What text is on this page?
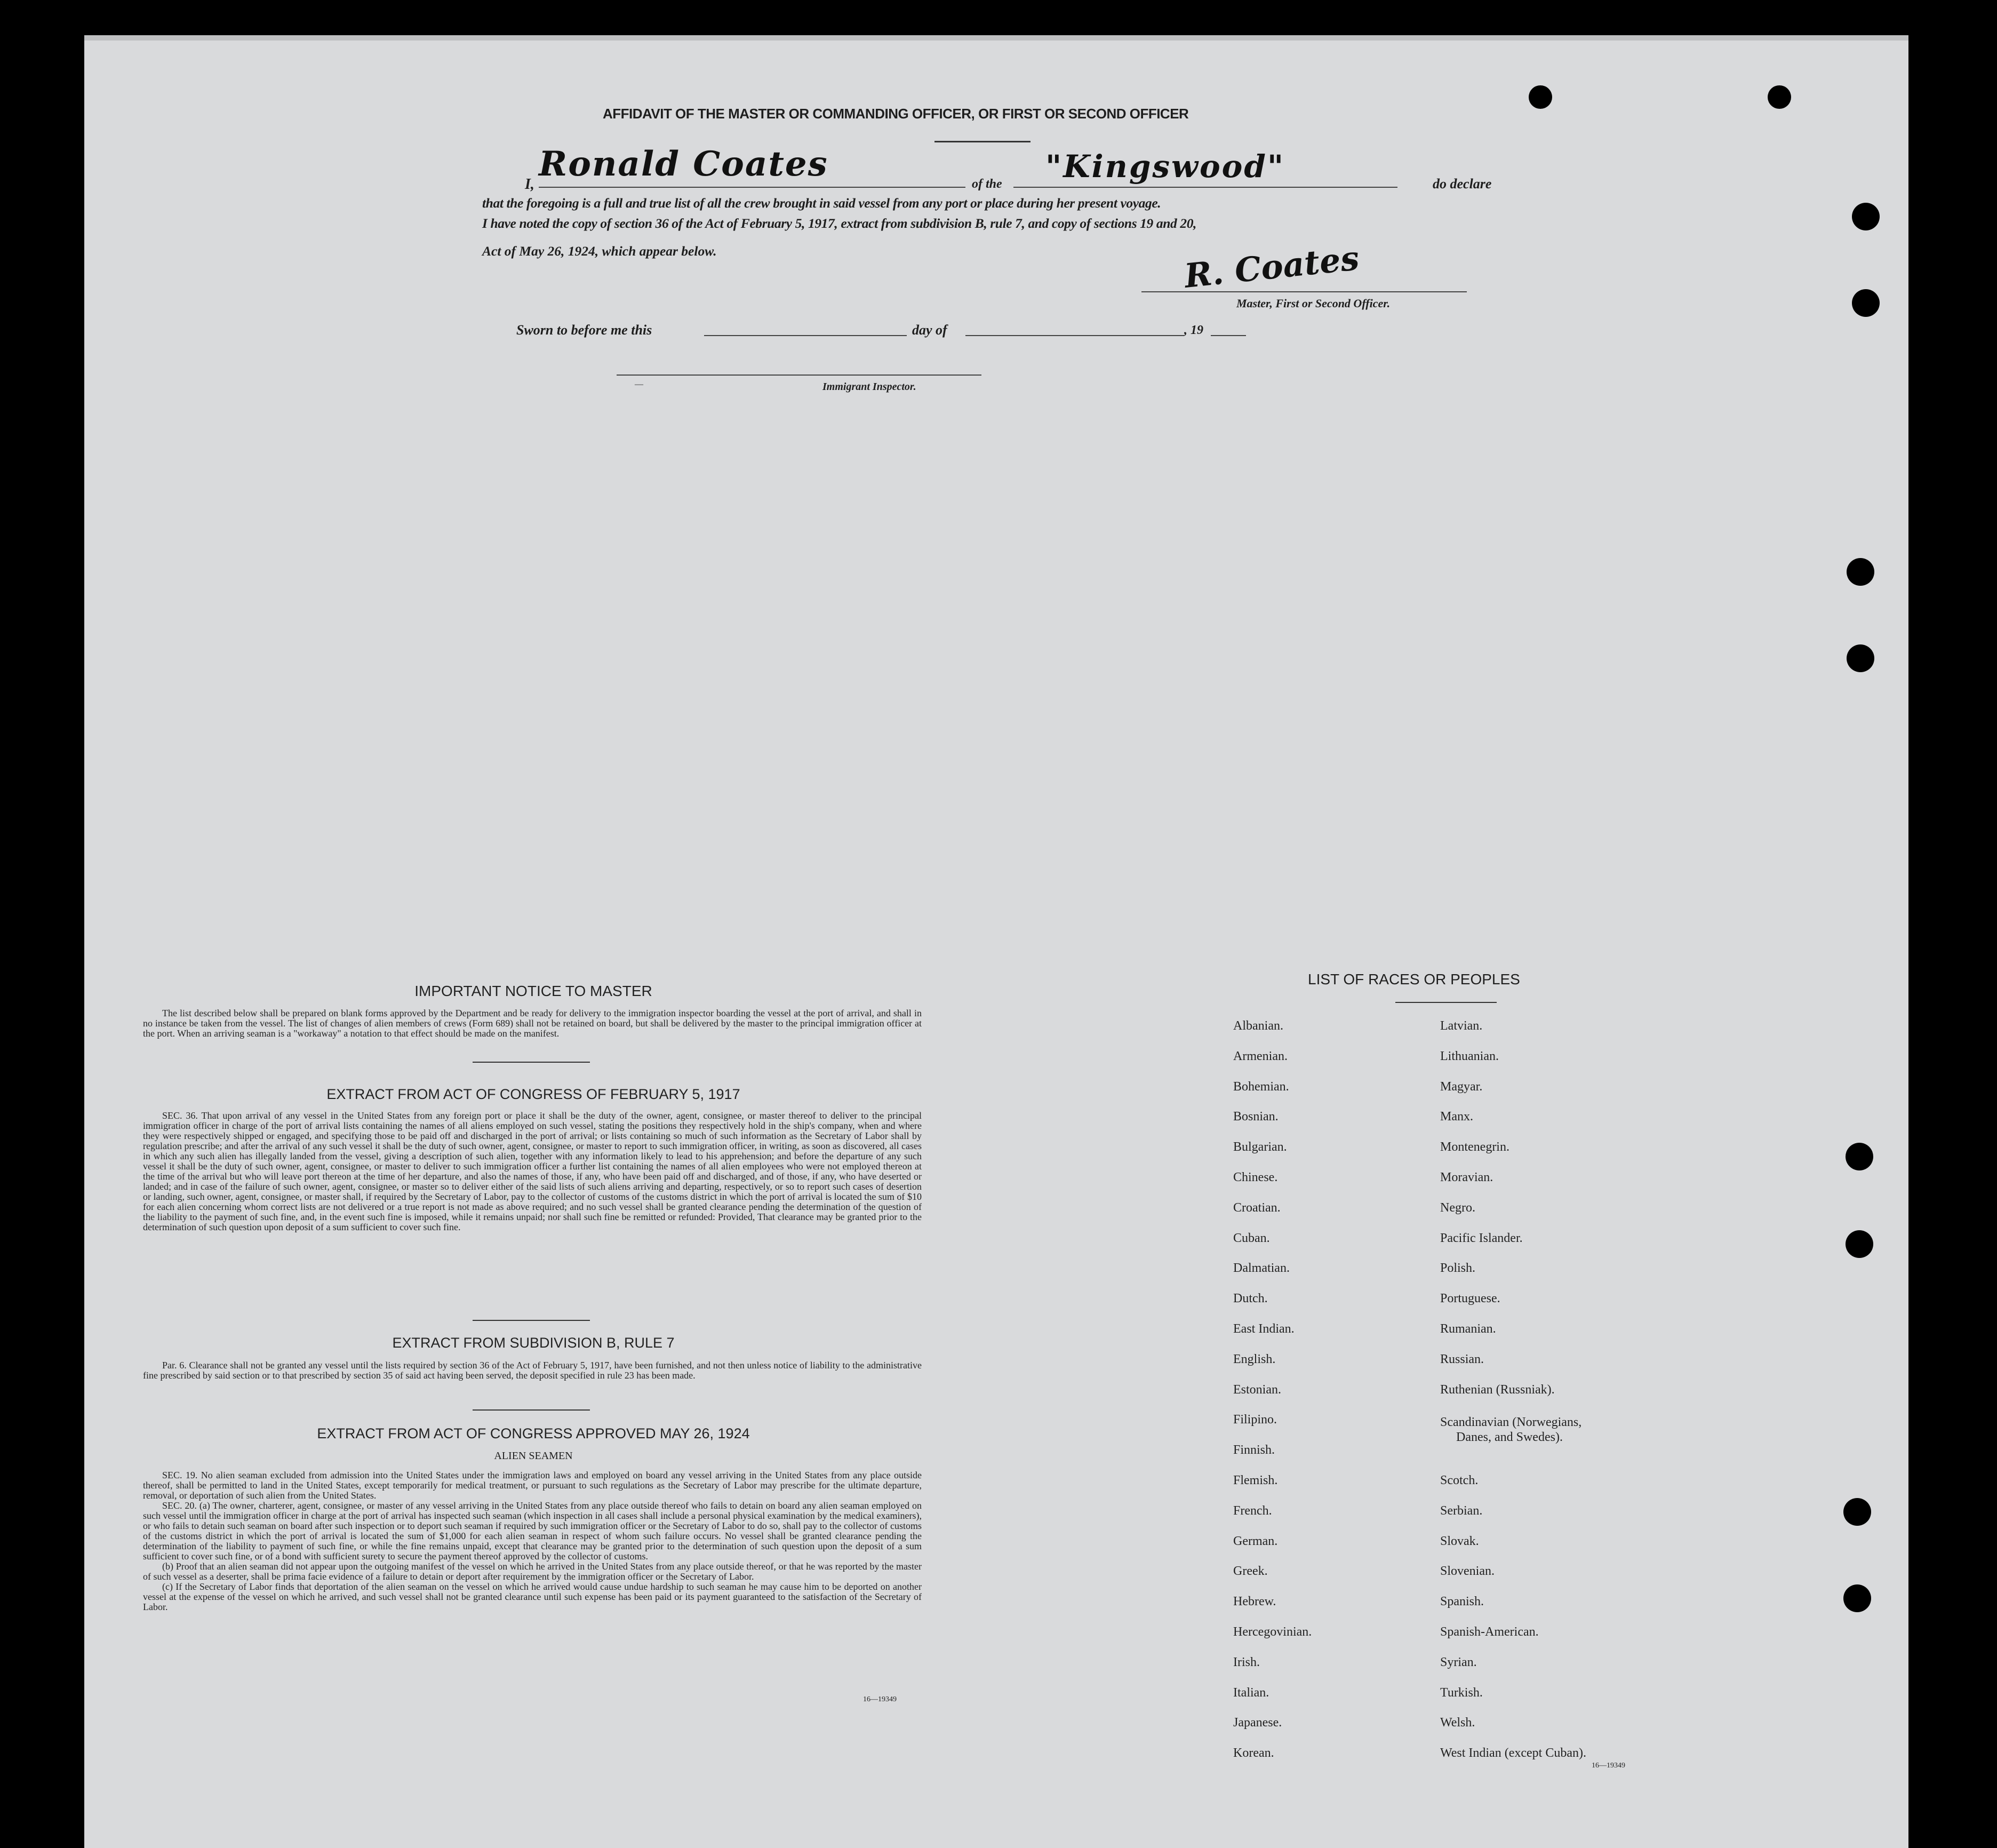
AFFIDAVIT OF THE MASTER OR COMMANDING OFFICER, OR FIRST OR SECOND OFFICER
I,
Ronald Coates	of the "Kingswood"	do declare
that the foregoing is a full and true list of all the crew brought in said vessel from any port or place during her present voyage.
I have noted the copy of section 36 of the Act of February 5, 1917, extract from subdivision B, rule 7, and copy of sections 19 and 20,
Act of May 26, 1924, which appear below.	R. Coates
Master, First or Second Officer.
Sworn to before me this	day of	, 19
—	Immigrant Inspector.
IMPORTANT NOTICE TO MASTER

The list described below shall be prepared on blank forms approved by the Department and be ready for delivery to the immigration inspector boarding the vessel at the port of arrival, and shall in no instance be taken from the vessel. The list of changes of alien members of crews (Form 689) shall not be retained on board, but shall be delivered by the master to the principal immigration officer at the port. When an arriving seaman is a "workaway" a notation to that effect should be made on the manifest.

EXTRACT FROM ACT OF CONGRESS OF FEBRUARY 5, 1917

SEC. 36. That upon arrival of any vessel in the United States from any foreign port or place it shall be the duty of the owner, agent, consignee, or master thereof to deliver to the principal immigration officer in charge of the port of arrival lists containing the names of all aliens employed on such vessel, stating the positions they respectively hold in the ship's company, when and where they were respectively shipped or engaged, and specifying those to be paid off and discharged in the port of arrival; or lists containing so much of such information as the Secretary of Labor shall by regulation prescribe; and after the arrival of any such vessel it shall be the duty of such owner, agent, consignee, or master to report to such immigration officer, in writing, as soon as discovered, all cases in which any such alien has illegally landed from the vessel, giving a description of such alien, together with any information likely to lead to his apprehension; and before the departure of any such vessel it shall be the duty of such owner, agent, consignee, or master to deliver to such immigration officer a further list containing the names of all alien employees who were not employed thereon at the time of the arrival but who will leave port thereon at the time of her departure, and also the names of those, if any, who have been paid off and discharged, and of those, if any, who have deserted or landed; and in case of the failure of such owner, agent, consignee, or master so to deliver either of the said lists of such aliens arriving and departing, respectively, or so to report such cases of desertion or landing, such owner, agent, consignee, or master shall, if required by the Secretary of Labor, pay to the collector of customs of the customs district in which the port of arrival is located the sum of $10 for each alien concerning whom correct lists are not delivered or a true report is not made as above required; and no such vessel shall be granted clearance pending the determination of the question of the liability to the payment of such fine, and, in the event such fine is imposed, while it remains unpaid; nor shall such fine be remitted or refunded: Provided, That clearance may be granted prior to the determination of such question upon deposit of a sum sufficient to cover such fine.

EXTRACT FROM SUBDIVISION B, RULE 7

Par. 6. Clearance shall not be granted any vessel until the lists required by section 36 of the Act of February 5, 1917, have been furnished, and not then unless notice of liability to the administrative fine prescribed by said section or to that prescribed by section 35 of said act having been served, the deposit specified in rule 23 has been made.

EXTRACT FROM ACT OF CONGRESS APPROVED MAY 26, 1924
ALIEN SEAMEN

SEC. 19. No alien seaman excluded from admission into the United States under the immigration laws and employed on board any vessel arriving in the United States from any place outside thereof, shall be permitted to land in the United States, except temporarily for medical treatment, or pursuant to such regulations as the Secretary of Labor may prescribe for the ultimate departure, removal, or deportation of such alien from the United States.

SEC. 20. (a) The owner, charterer, agent, consignee, or master of any vessel arriving in the United States from any place outside thereof who fails to detain on board any alien seaman employed on such vessel until the immigration officer in charge at the port of arrival has inspected such seaman (which inspection in all cases shall include a personal physical examination by the medical examiners), or who fails to detain such seaman on board after such inspection or to deport such seaman if required by such immigration officer or the Secretary of Labor to do so, shall pay to the collector of customs of the customs district in which the port of arrival is located the sum of $1,000 for each alien seaman in respect of whom such failure occurs. No vessel shall be granted clearance pending the determination of the liability to payment of such fine, or while the fine remains unpaid, except that clearance may be granted prior to the determination of such question upon the deposit of a sum sufficient to cover such fine, or of a bond with sufficient surety to secure the payment thereof approved by the collector of customs.

(b) Proof that an alien seaman did not appear upon the outgoing manifest of the vessel on which he arrived in the United States from any place outside thereof, or that he was reported by the master of such vessel as a deserter, shall be prima facie evidence of a failure to detain or deport after requirement by the immigration officer or the Secretary of Labor.

(c) If the Secretary of Labor finds that deportation of the alien seaman on the vessel on which he arrived would cause undue hardship to such seaman he may cause him to be deported on another vessel at the expense of the vessel on which he arrived, and such vessel shall not be granted clearance until such expense has been paid or its payment guaranteed to the satisfaction of the Secretary of Labor.

16—19349
LIST OF RACES OR PEOPLES
Albanian.
Armenian.
Bohemian.
Bosnian.
Bulgarian.
Chinese.
Croatian.
Cuban.
Dalmatian.
Dutch.
East Indian.
English.
Estonian.
Filipino.
Finnish.
Flemish.
French.
German.
Greek.
Hebrew.
Hercegovinian.
Irish.
Italian.
Japanese.
Korean.
Latvian.
Lithuanian.
Magyar.
Manx.
Montenegrin.
Moravian.
Negro.
Pacific Islander.
Polish.
Portuguese.
Rumanian.
Russian.
Ruthenian (Russniak).
Scandinavian (Norwegians,
Danes, and Swedes).
Scotch.
Serbian.
Slovak.
Slovenian.
Spanish.
Spanish-American.
Syrian.
Turkish.
Welsh.
West Indian (except Cuban).
16—19349
